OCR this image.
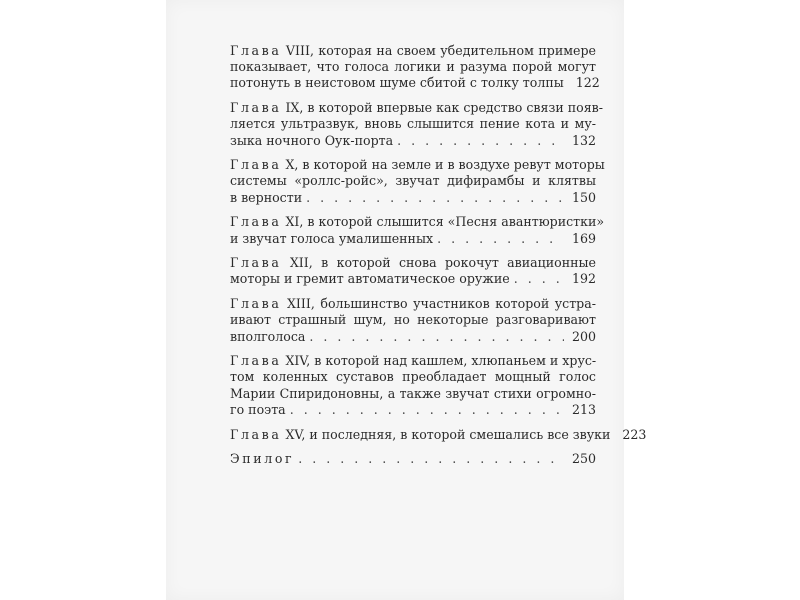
Глава VIII, которая на своем убедительном примере
показывает, что голоса логики и разума порой могут
потонуть в неистовом шуме сбитой с толку толпы 122
Глава IX, в которой впервые как средство связи появ-
ляется ультразвук, вновь слышится пение кота и му-
зыка ночного Оук-порта . . .	132
Глава X, в которой на земле и в воздухе ревут моторы
системы «роллс-ройс», звучат дифирамбы и клятвы
в верности . . .	150
Глава XI, в которой слышится «Песня авантюристки»
и звучат голоса умалишенных . . .	169
Глава XII, в которой снова рокочут авиационные
моторы и гремит автоматическое оружие . . .	192
Глава XIII, большинство участников которой устра-
ивают страшный шум, но некоторые разговаривают
вполголоса . . .	200
Глава XIV, в которой над кашлем, хлюпаньем и хрус-
том коленных суставов преобладает мощный голос
Марии Спиридоновны, а также звучат стихи огромно-
го поэта . . .	213
Глава XV, и последняя, в которой смешались все звуки 223
Эпилог . . .	250
